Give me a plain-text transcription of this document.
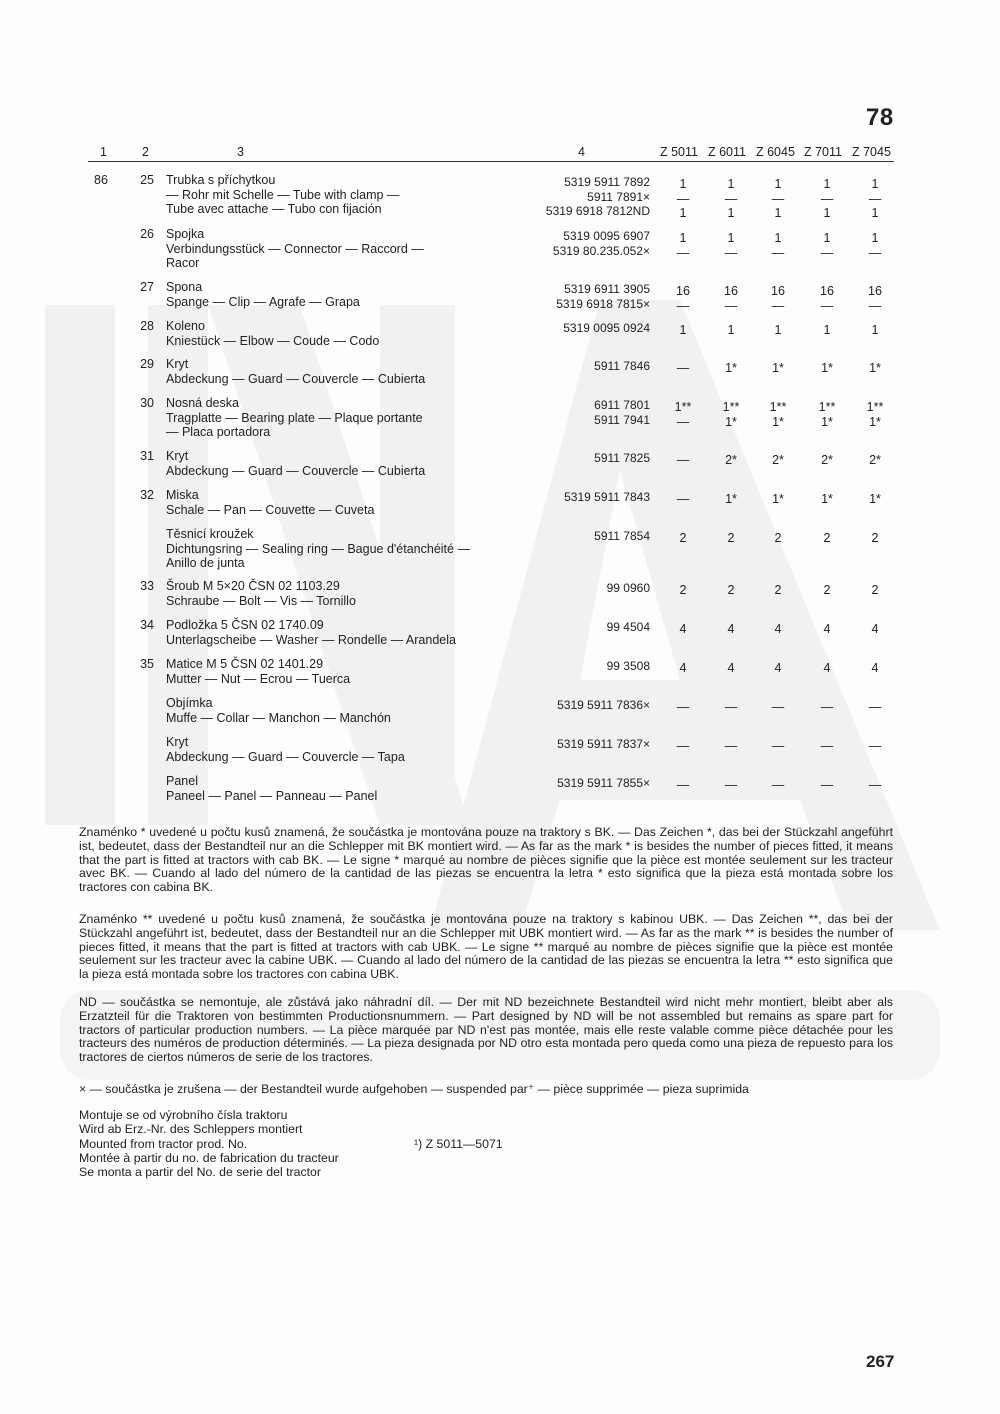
78
1	2	3	4	Z 5011 Z 6011 Z 6045 Z 7011 Z 7045
86	25 Trubka s příchytkou
— Rohr mit Schelle — Tube with clamp —
Tube avec attache — Tubo con fijación
5319 5911 7892	1	1	1	1	1
5911 7891×	—	—	—	—	—
5319 6918 7812ND	1	1	1	1	1
26 Spojka
Verbindungsstück — Connector — Raccord —
Racor
5319 0095 6907	1	1	1	1	1
5319 80.235.052×	—	—	—	—	—
27 Spona
Spange — Clip — Agrafe — Grapa
5319 6911 3905	16	16	16	16	16
5319 6918 7815×	—	—	—	—	—
28 Koleno
Kniestück — Elbow — Coude — Codo
5319 0095 0924	1	1	1	1	1
29 Kryt
Abdeckung — Guard — Couvercle — Cubierta
5911 7846	—	1*	1*	1*	1*
30 Nosná deska
Tragplatte — Bearing plate — Plaque portante
— Placa portadora
6911 7801	1**	1**	1**	1**	1**
5911 7941	—	1*	1*	1*	1*
31 Kryt
Abdeckung — Guard — Couvercle — Cubierta
5911 7825	—	2*	2*	2*	2*
32 Miska
Schale — Pan — Couvette — Cuveta
5319 5911 7843	—	1*	1*	1*	1*
Těsnicí kroužek
Dichtungsring — Sealing ring — Bague d'étanchéité —
Anillo de junta
5911 7854	2	2	2	2	2
33 Šroub M 5×20 ČSN 02 1103.29
Schraube — Bolt — Vis — Tornillo
99 0960	2	2	2	2	2
34 Podložka 5 ČSN 02 1740.09
Unterlagscheibe — Washer — Rondelle — Arandela
99 4504	4	4	4	4	4
35 Matice M 5 ČSN 02 1401.29
Mutter — Nut — Ecrou — Tuerca
99 3508	4	4	4	4	4
Objímka
Muffe — Collar — Manchon — Manchón
5319 5911 7836×	—	—	—	—	—
Kryt
Abdeckung — Guard — Couvercle — Tapa
5319 5911 7837×	—	—	—	—	—
Panel
Paneel — Panel — Panneau — Panel
5319 5911 7855×	—	—	—	—	—
Znaménko * uvedené u počtu kusů znamená, že součástka je montována pouze na traktory s BK. — Das Zeichen *, das bei der Stückzahl angeführt ist, bedeutet, dass der Bestandteil nur an die Schlepper mit BK montiert wird. — As far as the mark * is besides the number of pieces fitted, it means that the part is fitted at tractors with cab BK. — Le signe * marqué au nombre de pièces signifie que la pièce est montée seulement sur les tracteur avec BK. — Cuando al lado del número de la cantidad de las piezas se encuentra la letra * esto significa que la pieza está montada sobre los tractores con cabina BK.
Znaménko ** uvedené u počtu kusů znamená, že součástka je montována pouze na traktory s kabinou UBK. — Das Zeichen **, das bei der Stückzahl angeführt ist, bedeutet, dass der Bestandteil nur an die Schlepper mit UBK montiert wird. — As far as the mark ** is besides the number of pieces fitted, it means that the part is fitted at tractors with cab UBK. — Le signe ** marqué au nombre de pièces signifie que la pièce est montée seulement sur les tracteur avec la cabine UBK. — Cuando al lado del número de la cantidad de las piezas se encuentra la letra ** esto significa que la pieza está montada sobre los tractores con cabina UBK.
ND — součástka se nemontuje, ale zůstává jako náhradní díl. — Der mit ND bezeichnete Bestandteil wird nicht mehr montiert, bleibt aber als Erzatzteil für die Traktoren von bestimmten Productionsnummern. — Part designed by ND will be not assembled but remains as spare part for tractors of particular production numbers. — La pièce marquée par ND n'est pas montée, mais elle reste valable comme pièce détachée pour les tracteurs des numéros de production déterminés. — La pieza designada por ND otro esta montada pero queda como una pieza de repuesto para los tractores de ciertos números de serie de los tractores.
× — součástka je zrušena — der Bestandteil wurde aufgehoben — suspended par⁺ — pièce supprimée — pieza suprimida
Montuje se od výrobního čísla traktoru
Wird ab Erz.-Nr. des Schleppers montiert
Mounted from tractor prod. No.
Montée à partir du no. de fabrication du tracteur
Se monta a partir del No. de serie del tractor
¹) Z 5011—5071
267
